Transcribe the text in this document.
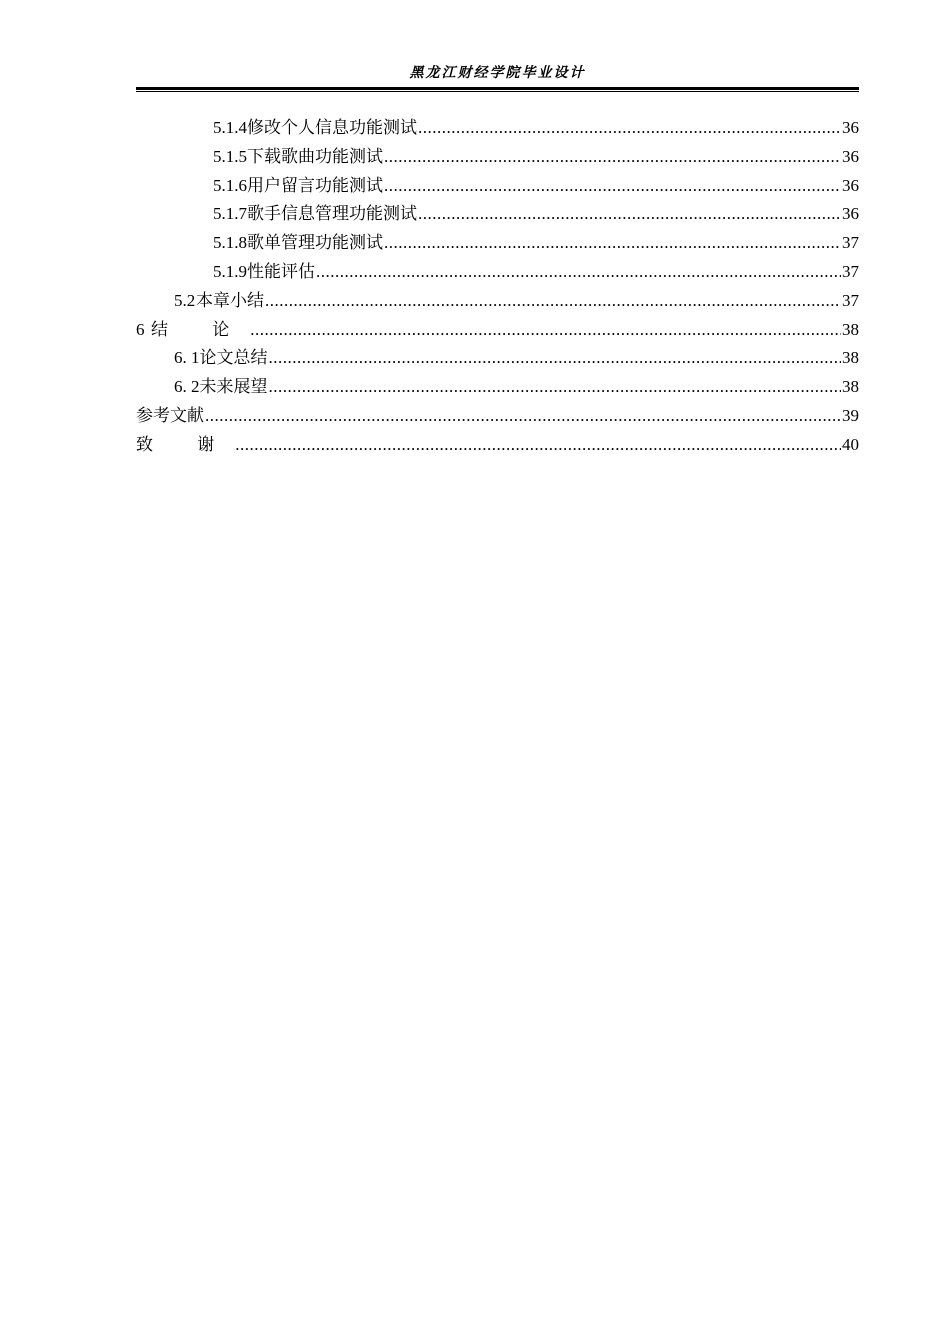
黑龙江财经学院毕业设计
5.1.4 修改个人信息功能测试 .....	36
5.1.5 下载歌曲功能测试 .....	36
5.1.6 用户留言功能测试 .....	36
5.1.7 歌手信息管理功能测试 .....	36
5.1.8 歌单管理功能测试 .....	37
5.1.9 性能评估 .....	37
5.2 本章小结 .....	37
6 结 论 .....	38
6. 1 论文总结 .....	38
6. 2 未来展望 .....	38
参考文献 .....	39
致 谢 .....	40
